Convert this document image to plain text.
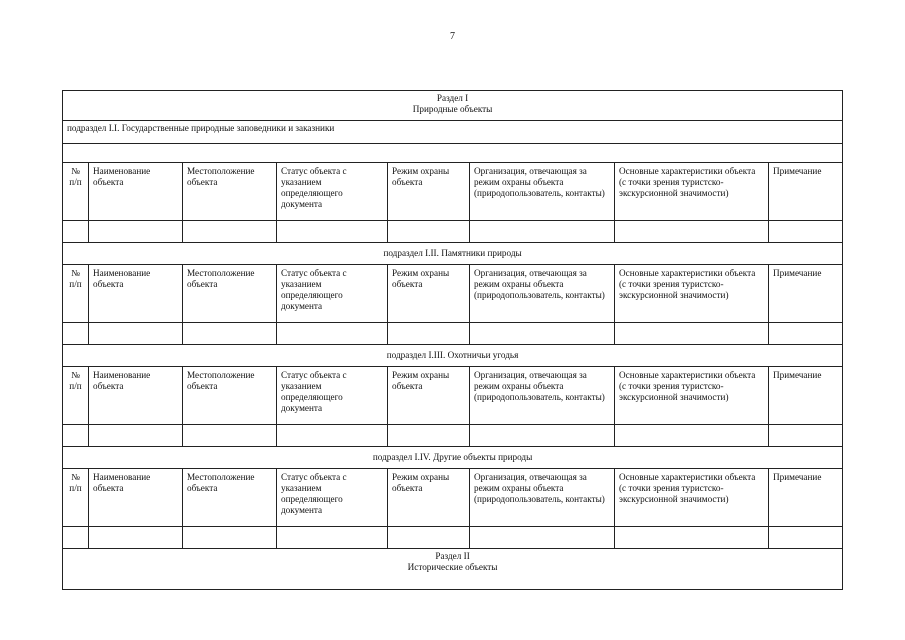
7
Раздел I
Природные объекты							

подраздел I.I. Государственные природные заповедники и заказники							

№ п/п	Наименование объекта	Местоположение объекта	Статус объекта с указанием определяющего документа	Режим охраны объекта	Организация, отвечающая за режим охраны объекта (природопользователь, контакты)	Основные характеристики объекта (с точки зрения туристско-экскурсионной значимости)	Примечание

подраздел I.II. Памятники природы							
№ п/п	Наименование объекта	Местоположение объекта	Статус объекта с указанием определяющего документа	Режим охраны объекта	Организация, отвечающая за режим охраны объекта (природопользователь, контакты)	Основные характеристики объекта (с точки зрения туристско-экскурсионной значимости)	Примечание

подраздел I.III. Охотничьи угодья							
№ п/п	Наименование объекта	Местоположение объекта	Статус объекта с указанием определяющего документа	Режим охраны объекта	Организация, отвечающая за режим охраны объекта (природопользователь, контакты)	Основные характеристики объекта (с точки зрения туристско-экскурсионной значимости)	Примечание

подраздел I.IV. Другие объекты природы							
№ п/п	Наименование объекта	Местоположение объекта	Статус объекта с указанием определяющего документа	Режим охраны объекта	Организация, отвечающая за режим охраны объекта (природопользователь, контакты)	Основные характеристики объекта (с точки зрения туристско-экскурсионной значимости)	Примечание

Раздел II
Исторические объекты							
